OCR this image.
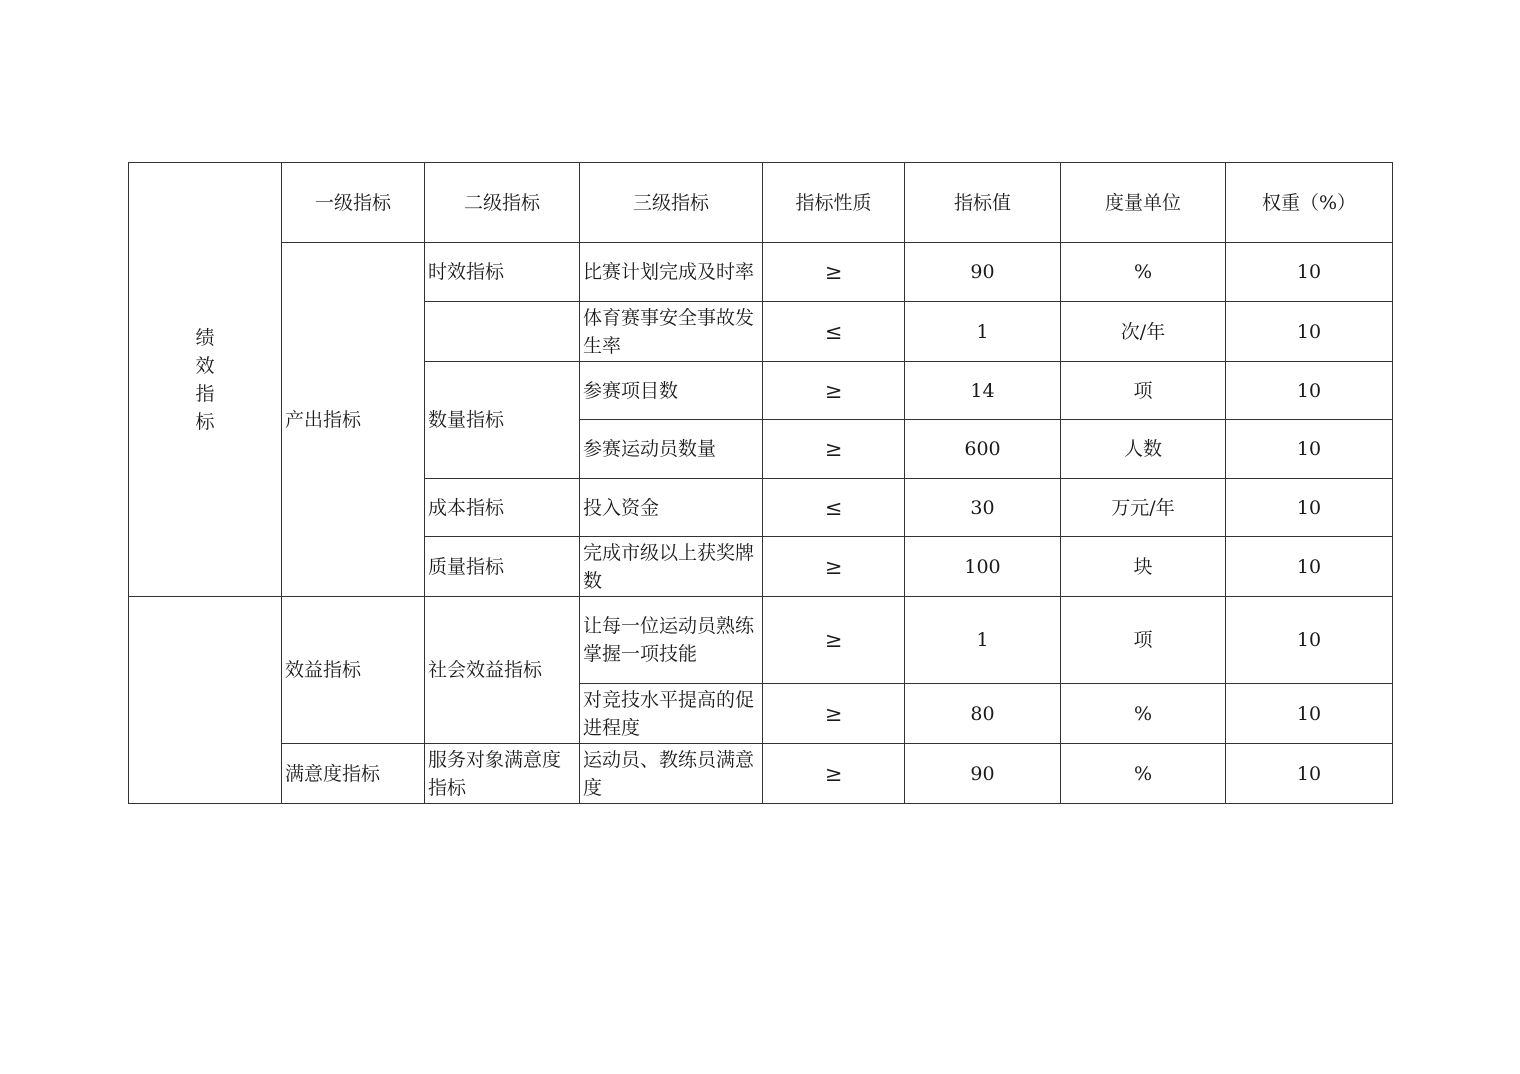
绩
效
指
标	一级指标	二级指标	三级指标	指标性质	指标值	度量单位	权重（%）
	产出指标	时效指标	比赛计划完成及时率	≥	90	%	10
			体育赛事安全事故发生率	≤	1	次/年	10
		数量指标	参赛项目数	≥	14	项	10
			参赛运动员数量	≥	600	人数	10
		成本指标	投入资金	≤	30	万元/年	10
		质量指标	完成市级以上获奖牌数	≥	100	块	10
	效益指标	社会效益指标	让每一位运动员熟练掌握一项技能	≥	1	项	10
			对竞技水平提高的促进程度	≥	80	%	10
	满意度指标	服务对象满意度指标	运动员、教练员满意度	≥	90	%	10
